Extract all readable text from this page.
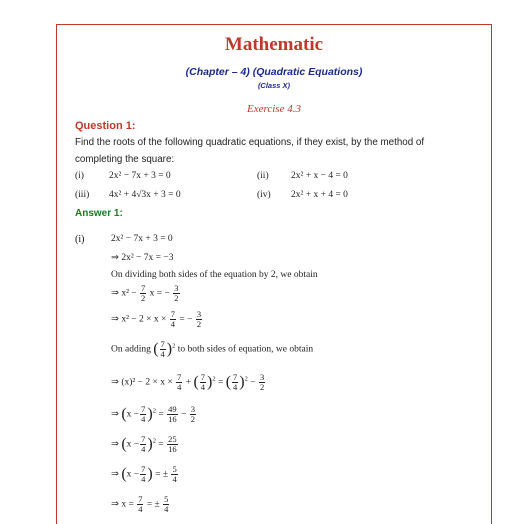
Mathematic
(Chapter – 4) (Quadratic Equations)
(Class X)
Exercise 4.3
Question 1:
Find the roots of the following quadratic equations, if they exist, by the method of completing the square:
(i)	2x² − 7x + 3 = 0	(ii) 2x² + x − 4 = 0
(iii) 4x² + 4√3x + 3 = 0	(iv) 2x² + x + 4 = 0
Answer 1:
(i)	2x² − 7x + 3 = 0
⇒ 2x² − 7x = −3
On dividing both sides of the equation by 2, we obtain
⇒ $x^2 - \frac{7}{2}$ x = − $\frac{3}{2}$
⇒ $x^2 - 2 \times x \times \frac{7}{4}$ = − $\frac{3}{2}$
On adding ( $\frac{7}{4} )^2$ to both sides of equation, we obtain
⇒ $(x)^2 - 2 \times x \times \frac{7}{4}$ + ( $\frac{7}{4} )^2$ = ( $\frac{7}{4} )^2 - \frac{3}{2}$
⇒ $(x - \frac{7}{4} )^2 = \frac{49}{16} - \frac{3}{2}$
⇒ $(x - \frac{7}{4} )^2 = \frac{25}{16}$
⇒ ($x - \frac{7}{4}$ ) = ± $\frac{5}{4}$
⇒ $x = \frac{7}{4}$ = ± $\frac{5}{4}$
